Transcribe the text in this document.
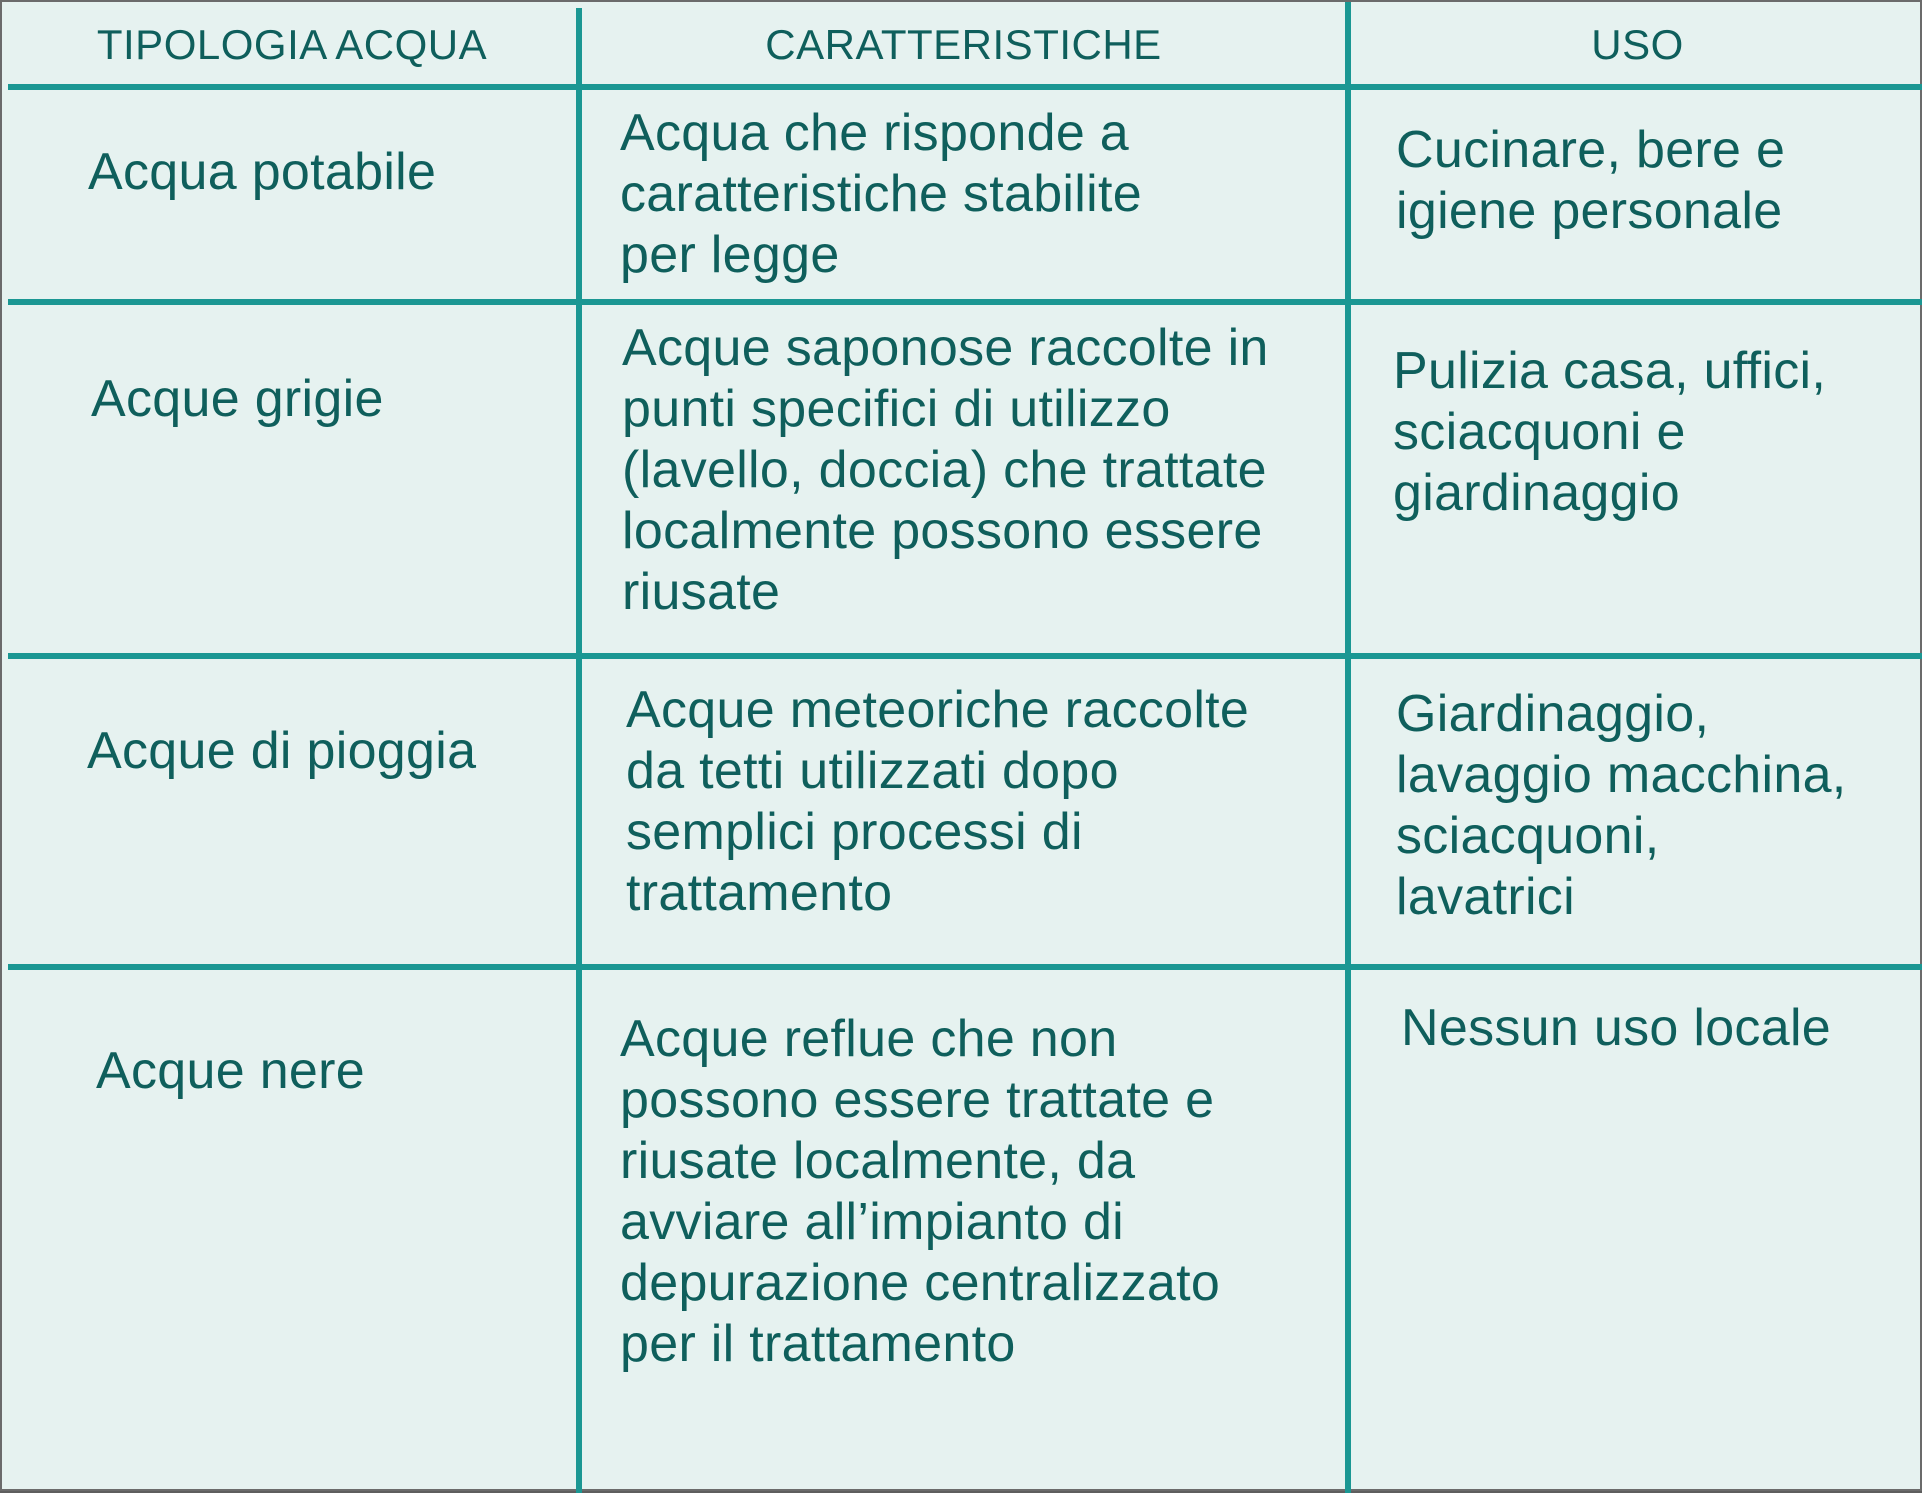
TIPOLOGIA ACQUA	CARATTERISTICHE	USO
Acqua potabile
Acqua che risponde a
caratteristiche stabilite
per legge
Cucinare, bere e
igiene personale
Acque grigie
Acque saponose raccolte in
punti specifici di utilizzo
(lavello, doccia) che trattate
localmente possono essere
riusate
Pulizia casa, uffici,
sciacquoni e
giardinaggio
Acque di pioggia
Acque meteoriche raccolte
da tetti utilizzati dopo
semplici processi di
trattamento
Giardinaggio,
lavaggio macchina,
sciacquoni,
lavatrici
Acque nere
Acque reflue che non
possono essere trattate e
riusate localmente, da
avviare all’impianto di
depurazione centralizzato
per il trattamento
Nessun uso locale
